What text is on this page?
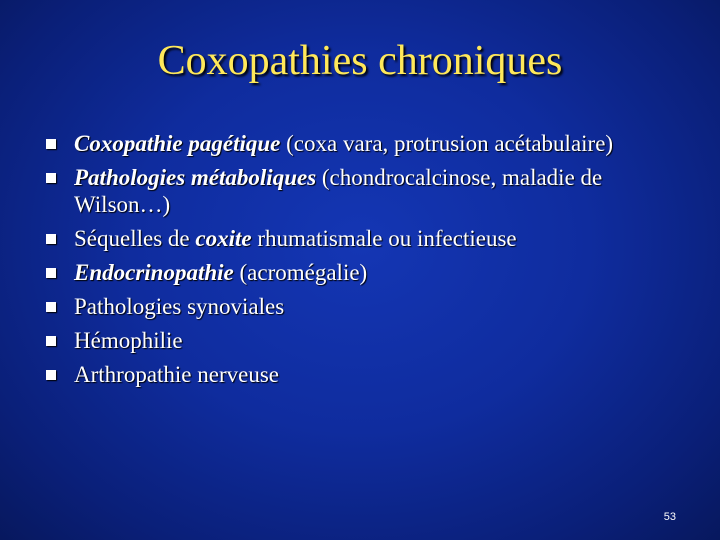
Coxopathies chroniques
Coxopathie pagétique (coxa vara, protrusion acétabulaire)
Pathologies métaboliques (chondrocalcinose, maladie de Wilson…)
Séquelles de coxite rhumatismale ou infectieuse
Endocrinopathie (acromégalie)
Pathologies synoviales
Hémophilie
Arthropathie nerveuse
53
